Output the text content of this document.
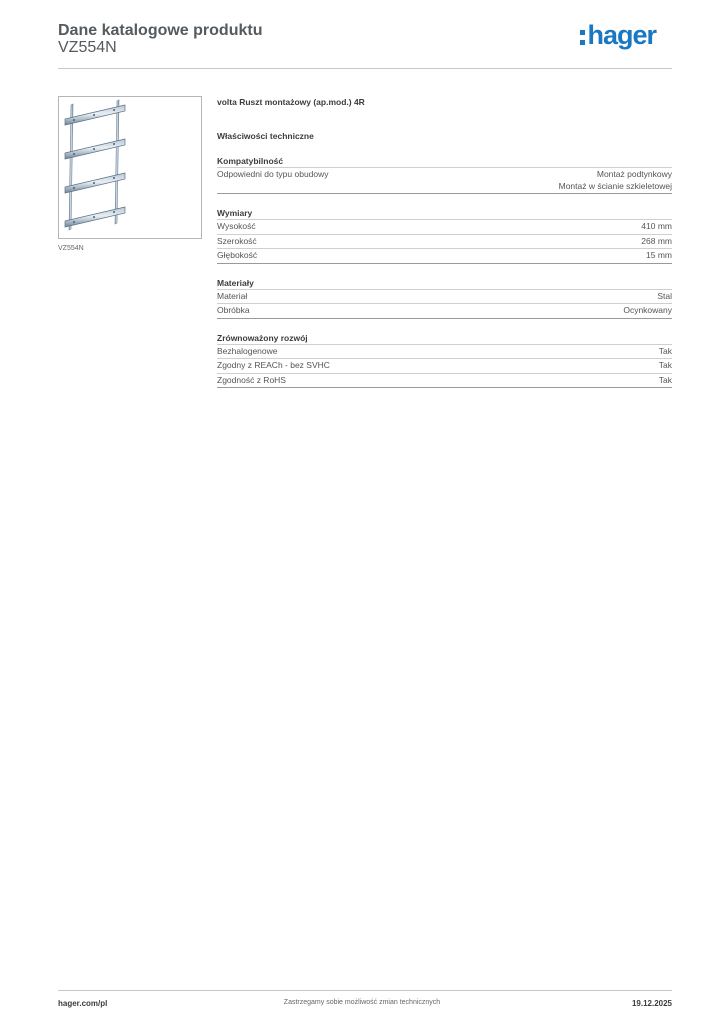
Dane katalogowe produktu
VZ554N	hager
VZ554N
volta Ruszt montażowy (ap.mod.) 4R
Właściwości techniczne
Kompatybilność
Odpowiedni do typu obudowy	Montaż podtynkowy
Montaż w ścianie szkieletowej
Wymiary
Wysokość	410 mm
Szerokość	268 mm
Głębokość	15 mm
Materiały
Materiał	Stal
Obróbka	Ocynkowany
Zrównoważony rozwój
Bezhalogenowe	Tak
Zgodny z REACh - bez SVHC	Tak
Zgodność z RoHS	Tak
hager.com/pl	Zastrzegamy sobie możliwość zmian technicznych	19.12.2025
